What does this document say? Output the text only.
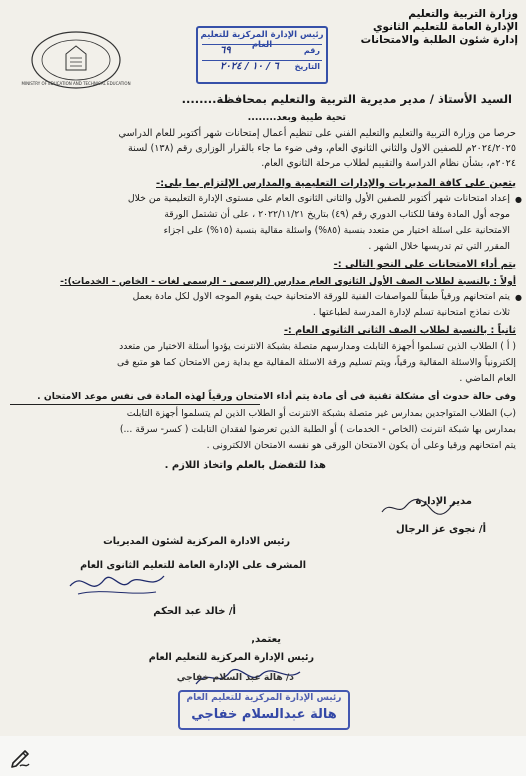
وزارة التربية والتعليم
الإدارة العامة للتعليم الثانوي
إدارة شئون الطلبة والامتحانات
MINISTRY OF EDUCATION AND TECHNICAL EDUCATION
رئيس الإدارة المركزية للتعليم العام
رقم
٦٩
التاريخ
٦ / ١٠ / ٢٠٢٤
السيد الأستاذ / مدير مديرية التربية والتعليم بمحافظة........
تحية طيبة وبعد........
حرصا من وزارة التربية والتعليم والتعليم الفني على تنظيم أعمال إمتحانات شهر أكتوبر للعام الدراسي
٢٠٢٤/٢٠٢٥م للصفين الاول والثاني الثانوي العام، وفى ضوء ما جاء بالقرار الوزارى رقم (١٣٨) لسنة
٢٠٢٤م، بشأن نظام الدراسة والتقييم لطلاب مرحلة الثانوي العام.
يتعين على كافة المديريات والإدارات التعليمية والمدارس الإلتزام بما يلى:-
●
إعداد امتحانات شهر أكتوبر للصفين الأول والثانى الثانوى العام على مستوى الإدارة التعليمية من خلال
موجه أول المادة وفقا للكتاب الدوري رقم (٤٩) بتاريخ ٢٠٢٢/١١/٢١ ، على أن تشتمل الورقة
الامتحانية على اسئلة اختيار من متعدد بنسبة (٨٥%) واسئلة مقالية بنسبة (١٥%) على اجزاء
المقرر التي تم تدريسها خلال الشهر .
يتم أداء الامتحانات على النحو التالى :-
أولاً : بالنسبة لطلاب الصف الأول الثانوى العام مدارس (الرسمى - الرسمى لغات - الخاص - الخدمات):-
●
يتم امتحانهم ورقياً طبقاً للمواصفات الفنية للورقة الامتحانية حيث يقوم الموجه الاول لكل مادة بعمل
ثلاث نماذج امتحانية تسلم لإدارة المدرسة لطباعتها .
ثانياً : بالنسبة لطلاب الصف الثانى الثانوى العام :-
( أ ) الطلاب الذين تسلموا أجهزة التابلت ومدارسهم متصلة بشبكة الانترنت يؤدوا أسئلة الاختيار من متعدد
إلكترونياً والاسئلة المقالية ورقياً، ويتم تسليم ورقة الاسئلة المقالية مع بداية زمن الامتحان كما هو متبع فى
العام الماضي .
وفى حالة حدوث أى مشكلة تقنية فى أى مادة يتم أداء الامتحان ورقياً لهذه المادة فى نفس موعد الامتحان .
(ب) الطلاب المتواجدين بمدارس غير متصلة بشبكة الانترنت أو الطلاب الذين لم يتسلموا أجهزة التابلت
بمدارس بها شبكة انترنت (الخاص - الخدمات ) أو الطلبة الذين تعرضوا لفقدان التابلت ( كسر- سرقة ...)
يتم امتحانهم ورقيا وعلى أن يكون الامتحان الورقى هو نفسه الامتحان الالكترونى .
هذا للتفضل بالعلم واتخاذ اللازم .
مدير الإدارة
أ/ نجوى عز الرجال
رئيس الادارة المركزية لشئون المديريات
المشرف على الإدارة العامة للتعليم الثانوى العام
أ/ خالد عبد الحكم
يعتمد,
رئيس الإدارة المركزية للتعليم العام
د/ هالة عبد السلام خفاجي
رئيس الإدارة المركزية للتعليم العام
هالة عبدالسلام خفاجي
